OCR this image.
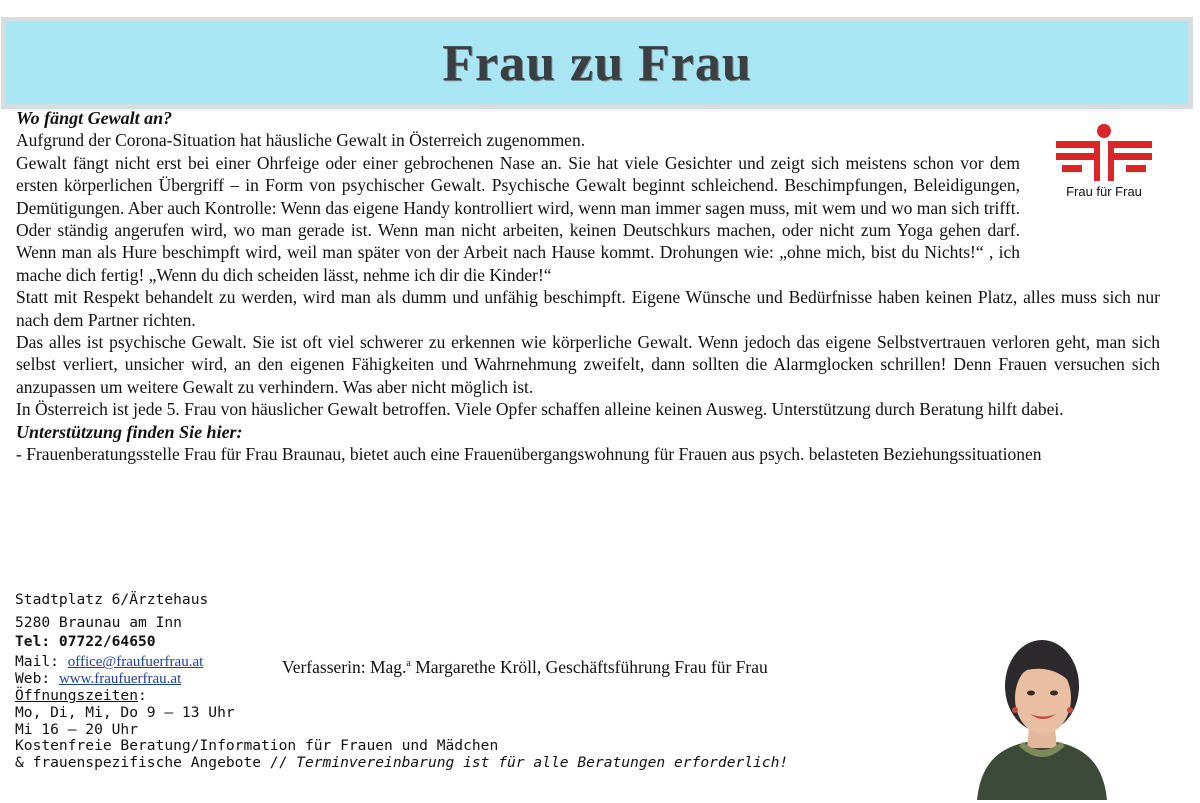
Frau zu Frau
Frau für Frau

Wo fängt Gewalt an?

Aufgrund der Corona-Situation hat häusliche Gewalt in Österreich zugenommen.

Gewalt fängt nicht erst bei einer Ohrfeige oder einer gebrochenen Nase an. Sie hat viele Gesichter und zeigt sich meistens schon vor dem ersten körperlichen Übergriff – in Form von psychischer Gewalt. Psychische Gewalt beginnt schleichend. Beschimpfungen, Beleidigungen, Demütigungen. Aber auch Kontrolle: Wenn das eigene Handy kontrolliert wird, wenn man immer sagen muss, mit wem und wo man sich trifft. Oder ständig angerufen wird, wo man gerade ist. Wenn man nicht arbeiten, keinen Deutschkurs machen, oder nicht zum Yoga gehen darf. Wenn man als Hure beschimpft wird, weil man später von der Arbeit nach Hause kommt. Drohungen wie: „ohne mich, bist du Nichts!“ , ich mache dich fertig! „Wenn du dich scheiden lässt, nehme ich dir die Kinder!“

Statt mit Respekt behandelt zu werden, wird man als dumm und unfähig beschimpft. Eigene Wünsche und Bedürfnisse haben keinen Platz, alles muss sich nur nach dem Partner richten.

Das alles ist psychische Gewalt. Sie ist oft viel schwerer zu erkennen wie körperliche Gewalt. Wenn jedoch das eigene Selbstvertrauen verloren geht, man sich selbst verliert, unsicher wird, an den eigenen Fähigkeiten und Wahrnehmung zweifelt, dann sollten die Alarmglocken schrillen! Denn Frauen versuchen sich anzupassen um weitere Gewalt zu verhindern. Was aber nicht möglich ist.

In Österreich ist jede 5. Frau von häuslicher Gewalt betroffen. Viele Opfer schaffen alleine keinen Ausweg. Unterstützung durch Beratung hilft dabei.

Unterstützung finden Sie hier:

- Frauenberatungsstelle Frau für Frau Braunau, bietet auch eine Frauenübergangswohnung für Frauen aus psych. belasteten Beziehungssituationen

Stadtplatz 6/Ärztehaus
5280 Braunau am Inn
Tel: 07722/64650
Mail: office@fraufuerfrau.at
Web: www.fraufuerfrau.at
Öffnungszeiten:
Mo, Di, Mi, Do 9 – 13 Uhr
Mi 16 – 20 Uhr
Kostenfreie Beratung/Information für Frauen und Mädchen
& frauenspezifische Angebote // Terminvereinbarung ist für alle Beratungen erforderlich!
Verfasserin: Mag.$^a$ Margarethe Kröll, Geschäftsführung Frau für Frau
